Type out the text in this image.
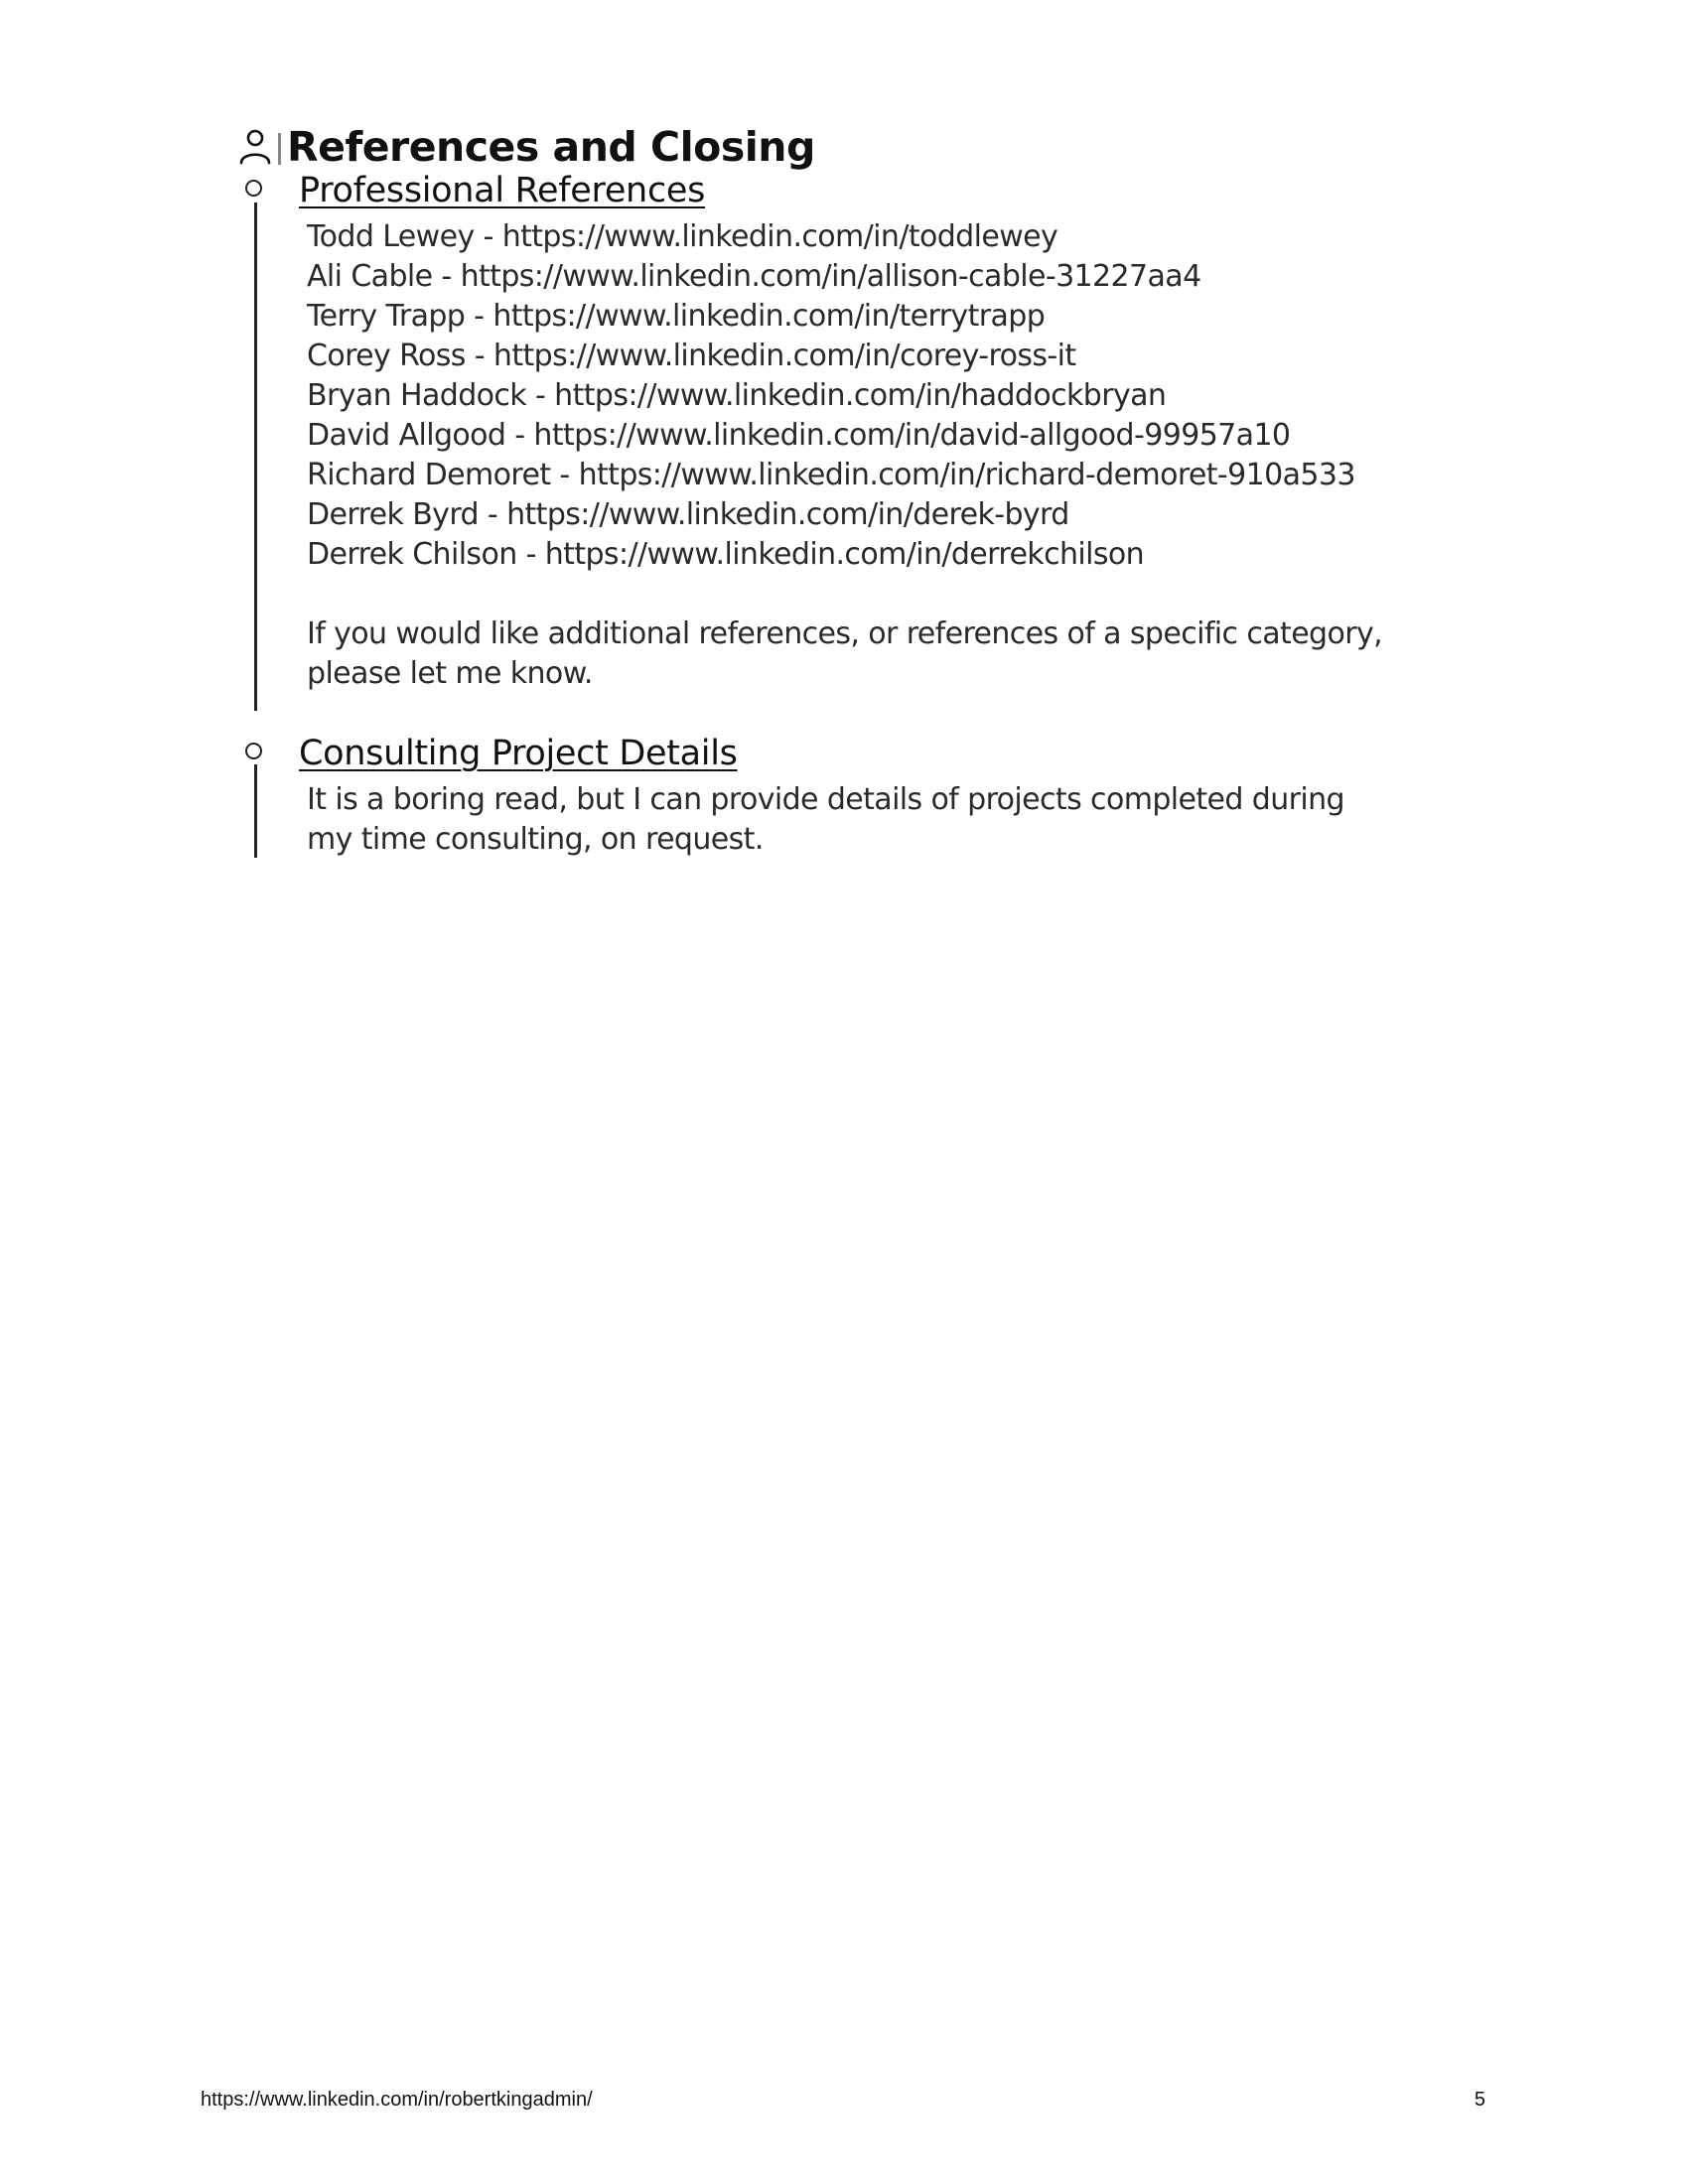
References and Closing
Professional References

Todd Lewey - https://www.linkedin.com/in/toddlewey

Ali Cable - https://www.linkedin.com/in/allison-cable-31227aa4

Terry Trapp - https://www.linkedin.com/in/terrytrapp

Corey Ross - https://www.linkedin.com/in/corey-ross-it

Bryan Haddock - https://www.linkedin.com/in/haddockbryan

David Allgood - https://www.linkedin.com/in/david-allgood-99957a10

Richard Demoret - https://www.linkedin.com/in/richard-demoret-910a533

Derrek Byrd - https://www.linkedin.com/in/derek-byrd

Derrek Chilson - https://www.linkedin.com/in/derrekchilson

If you would like additional references, or references of a specific category,

please let me know.

Consulting Project Details

It is a boring read, but I can provide details of projects completed during

my time consulting, on request.

https://www.linkedin.com/in/robertkingadmin/	5
